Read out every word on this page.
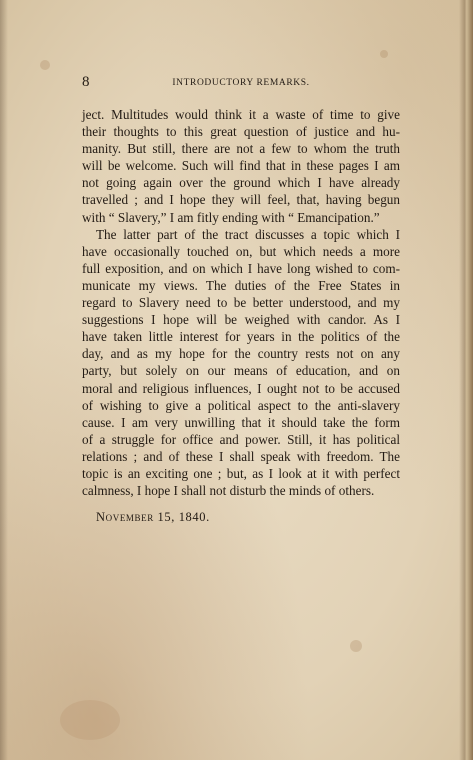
8	INTRODUCTORY REMARKS.
ject. Multitudes would think it a waste of time to give
their thoughts to this great question of justice and hu-
manity. But still, there are not a few to whom the truth
will be welcome. Such will find that in these pages I am
not going again over the ground which I have already
travelled ; and I hope they will feel, that, having begun
with “ Slavery,” I am fitly ending with “ Emancipation.”
The latter part of the tract discusses a topic which I
have occasionally touched on, but which needs a more
full exposition, and on which I have long wished to com-
municate my views. The duties of the Free States in
regard to Slavery need to be better understood, and my
suggestions I hope will be weighed with candor. As I
have taken little interest for years in the politics of the
day, and as my hope for the country rests not on any
party, but solely on our means of education, and on
moral and religious influences, I ought not to be accused
of wishing to give a political aspect to the anti-slavery
cause. I am very unwilling that it should take the form
of a struggle for office and power. Still, it has political
relations ; and of these I shall speak with freedom. The
topic is an exciting one ; but, as I look at it with perfect
calmness, I hope I shall not disturb the minds of others.
November 15, 1840.
